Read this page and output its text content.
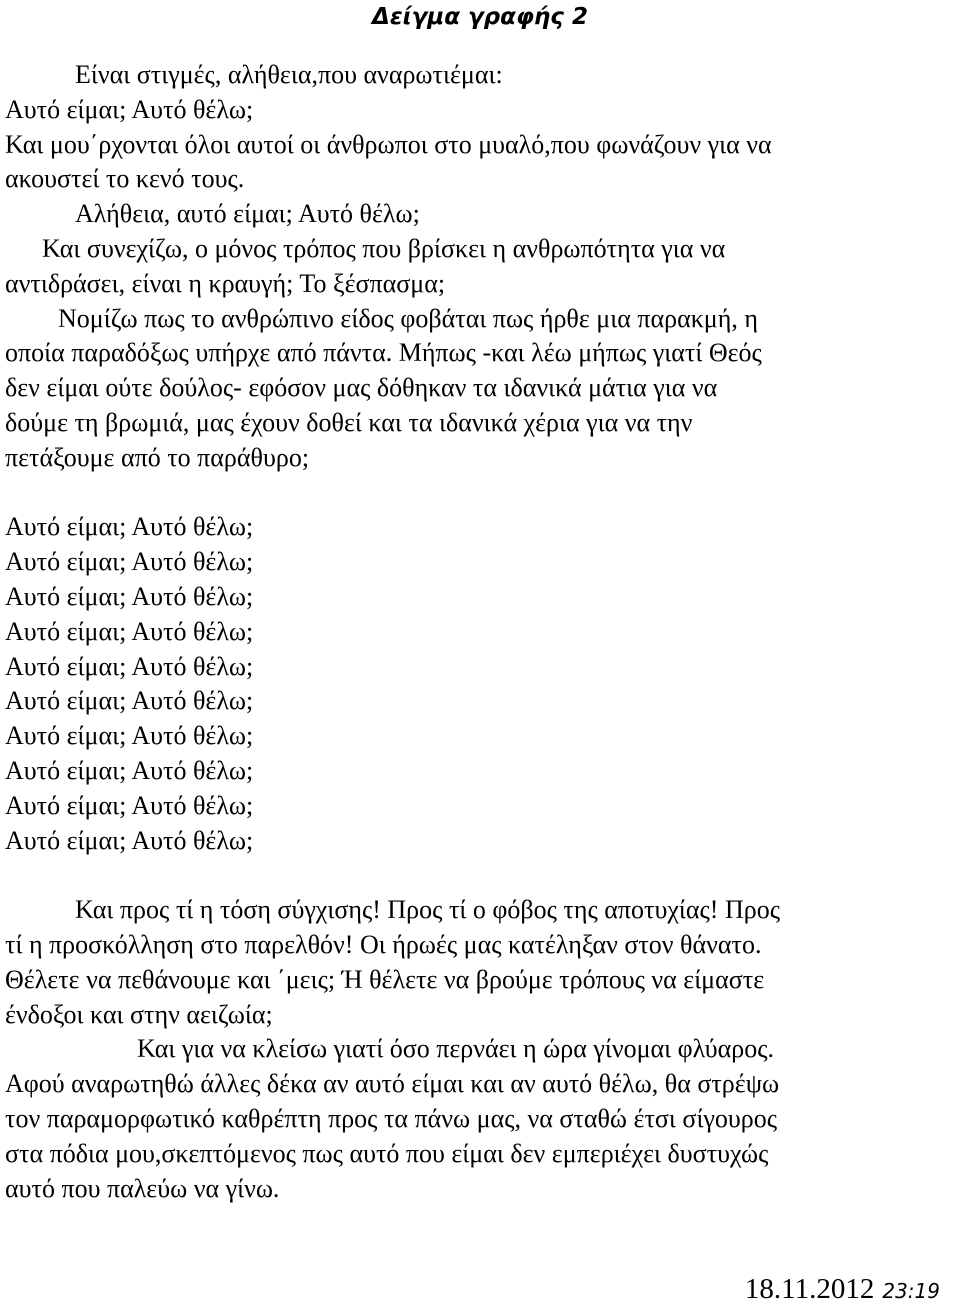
Δείγμα γραφής 2
Είναι στιγμές, αλήθεια,που αναρωτιέμαι:
Αυτό είμαι; Αυτό θέλω;
Και μου΄ρχονται όλοι αυτοί οι άνθρωποι στο μυαλό,που φωνάζουν για να
ακουστεί το κενό τους.
Αλήθεια, αυτό είμαι; Αυτό θέλω;
Και συνεχίζω, ο μόνος τρόπος που βρίσκει η ανθρωπότητα για να
αντιδράσει, είναι η κραυγή; Το ξέσπασμα;
Νομίζω πως το ανθρώπινο είδος φοβάται πως ήρθε μια παρακμή, η
οποία παραδόξως υπήρχε από πάντα. Μήπως -και λέω μήπως γιατί Θεός
δεν είμαι ούτε δούλος- εφόσον μας δόθηκαν τα ιδανικά μάτια για να
δούμε τη βρωμιά, μας έχουν δοθεί και τα ιδανικά χέρια για να την
πετάξουμε από το παράθυρο;
Αυτό είμαι; Αυτό θέλω;
Αυτό είμαι; Αυτό θέλω;
Αυτό είμαι; Αυτό θέλω;
Αυτό είμαι; Αυτό θέλω;
Αυτό είμαι; Αυτό θέλω;
Αυτό είμαι; Αυτό θέλω;
Αυτό είμαι; Αυτό θέλω;
Αυτό είμαι; Αυτό θέλω;
Αυτό είμαι; Αυτό θέλω;
Αυτό είμαι; Αυτό θέλω;
Και προς τί η τόση σύγχισης! Προς τί ο φόβος της αποτυχίας! Προς
τί η προσκόλληση στο παρελθόν! Οι ήρωές μας κατέληξαν στον θάνατο.
Θέλετε να πεθάνουμε και ΄μεις; Ή θέλετε να βρούμε τρόπους να είμαστε
ένδοξοι και στην αειζωία;
Και για να κλείσω γιατί όσο περνάει η ώρα γίνομαι φλύαρος.
Αφού αναρωτηθώ άλλες δέκα αν αυτό είμαι και αν αυτό θέλω, θα στρέψω
τον παραμορφωτικό καθρέπτη προς τα πάνω μας, να σταθώ έτσι σίγουρος
στα πόδια μου,σκεπτόμενος πως αυτό που είμαι δεν εμπεριέχει δυστυχώς
αυτό που παλεύω να γίνω.
18.11.2012 23:19
